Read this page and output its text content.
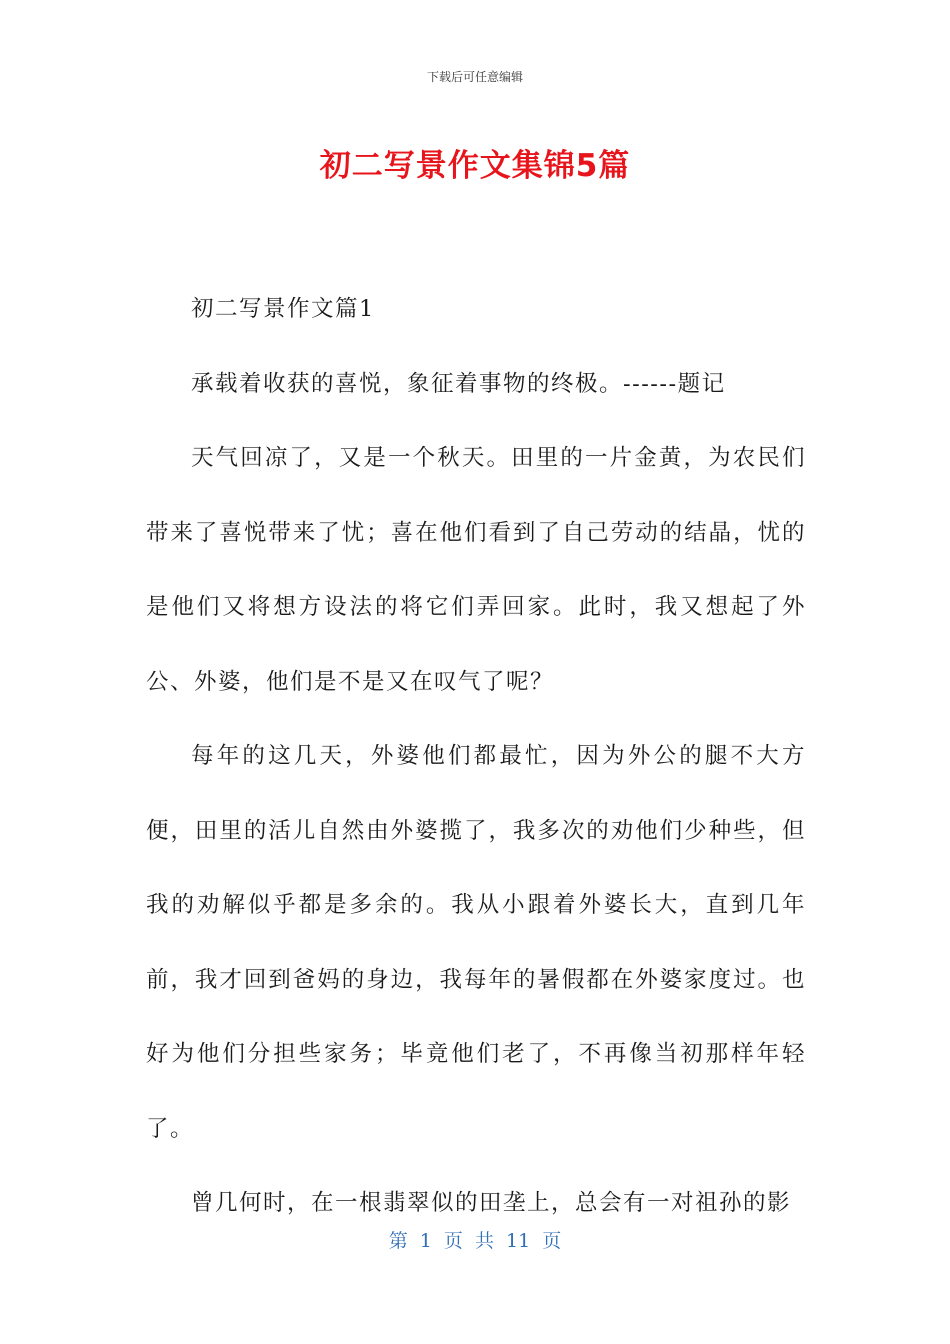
下载后可任意编辑
初二写景作文集锦5篇

初二写景作文篇1

承载着收获的喜悦，象征着事物的终极。------题记

天气回凉了，又是一个秋天。田里的一片金黄，为农民们带来了喜悦带来了忧；喜在他们看到了自己劳动的结晶，忧的是他们又将想方设法的将它们弄回家。此时，我又想起了外公、外婆，他们是不是又在叹气了呢？

每年的这几天，外婆他们都最忙，因为外公的腿不大方便，田里的活儿自然由外婆揽了，我多次的劝他们少种些，但我的劝解似乎都是多余的。我从小跟着外婆长大，直到几年前，我才回到爸妈的身边，我每年的暑假都在外婆家度过。也好为他们分担些家务；毕竟他们老了，不再像当初那样年轻了。

曾几何时，在一根翡翠似的田垄上，总会有一对祖孙的影

第 1 页 共 11 页
